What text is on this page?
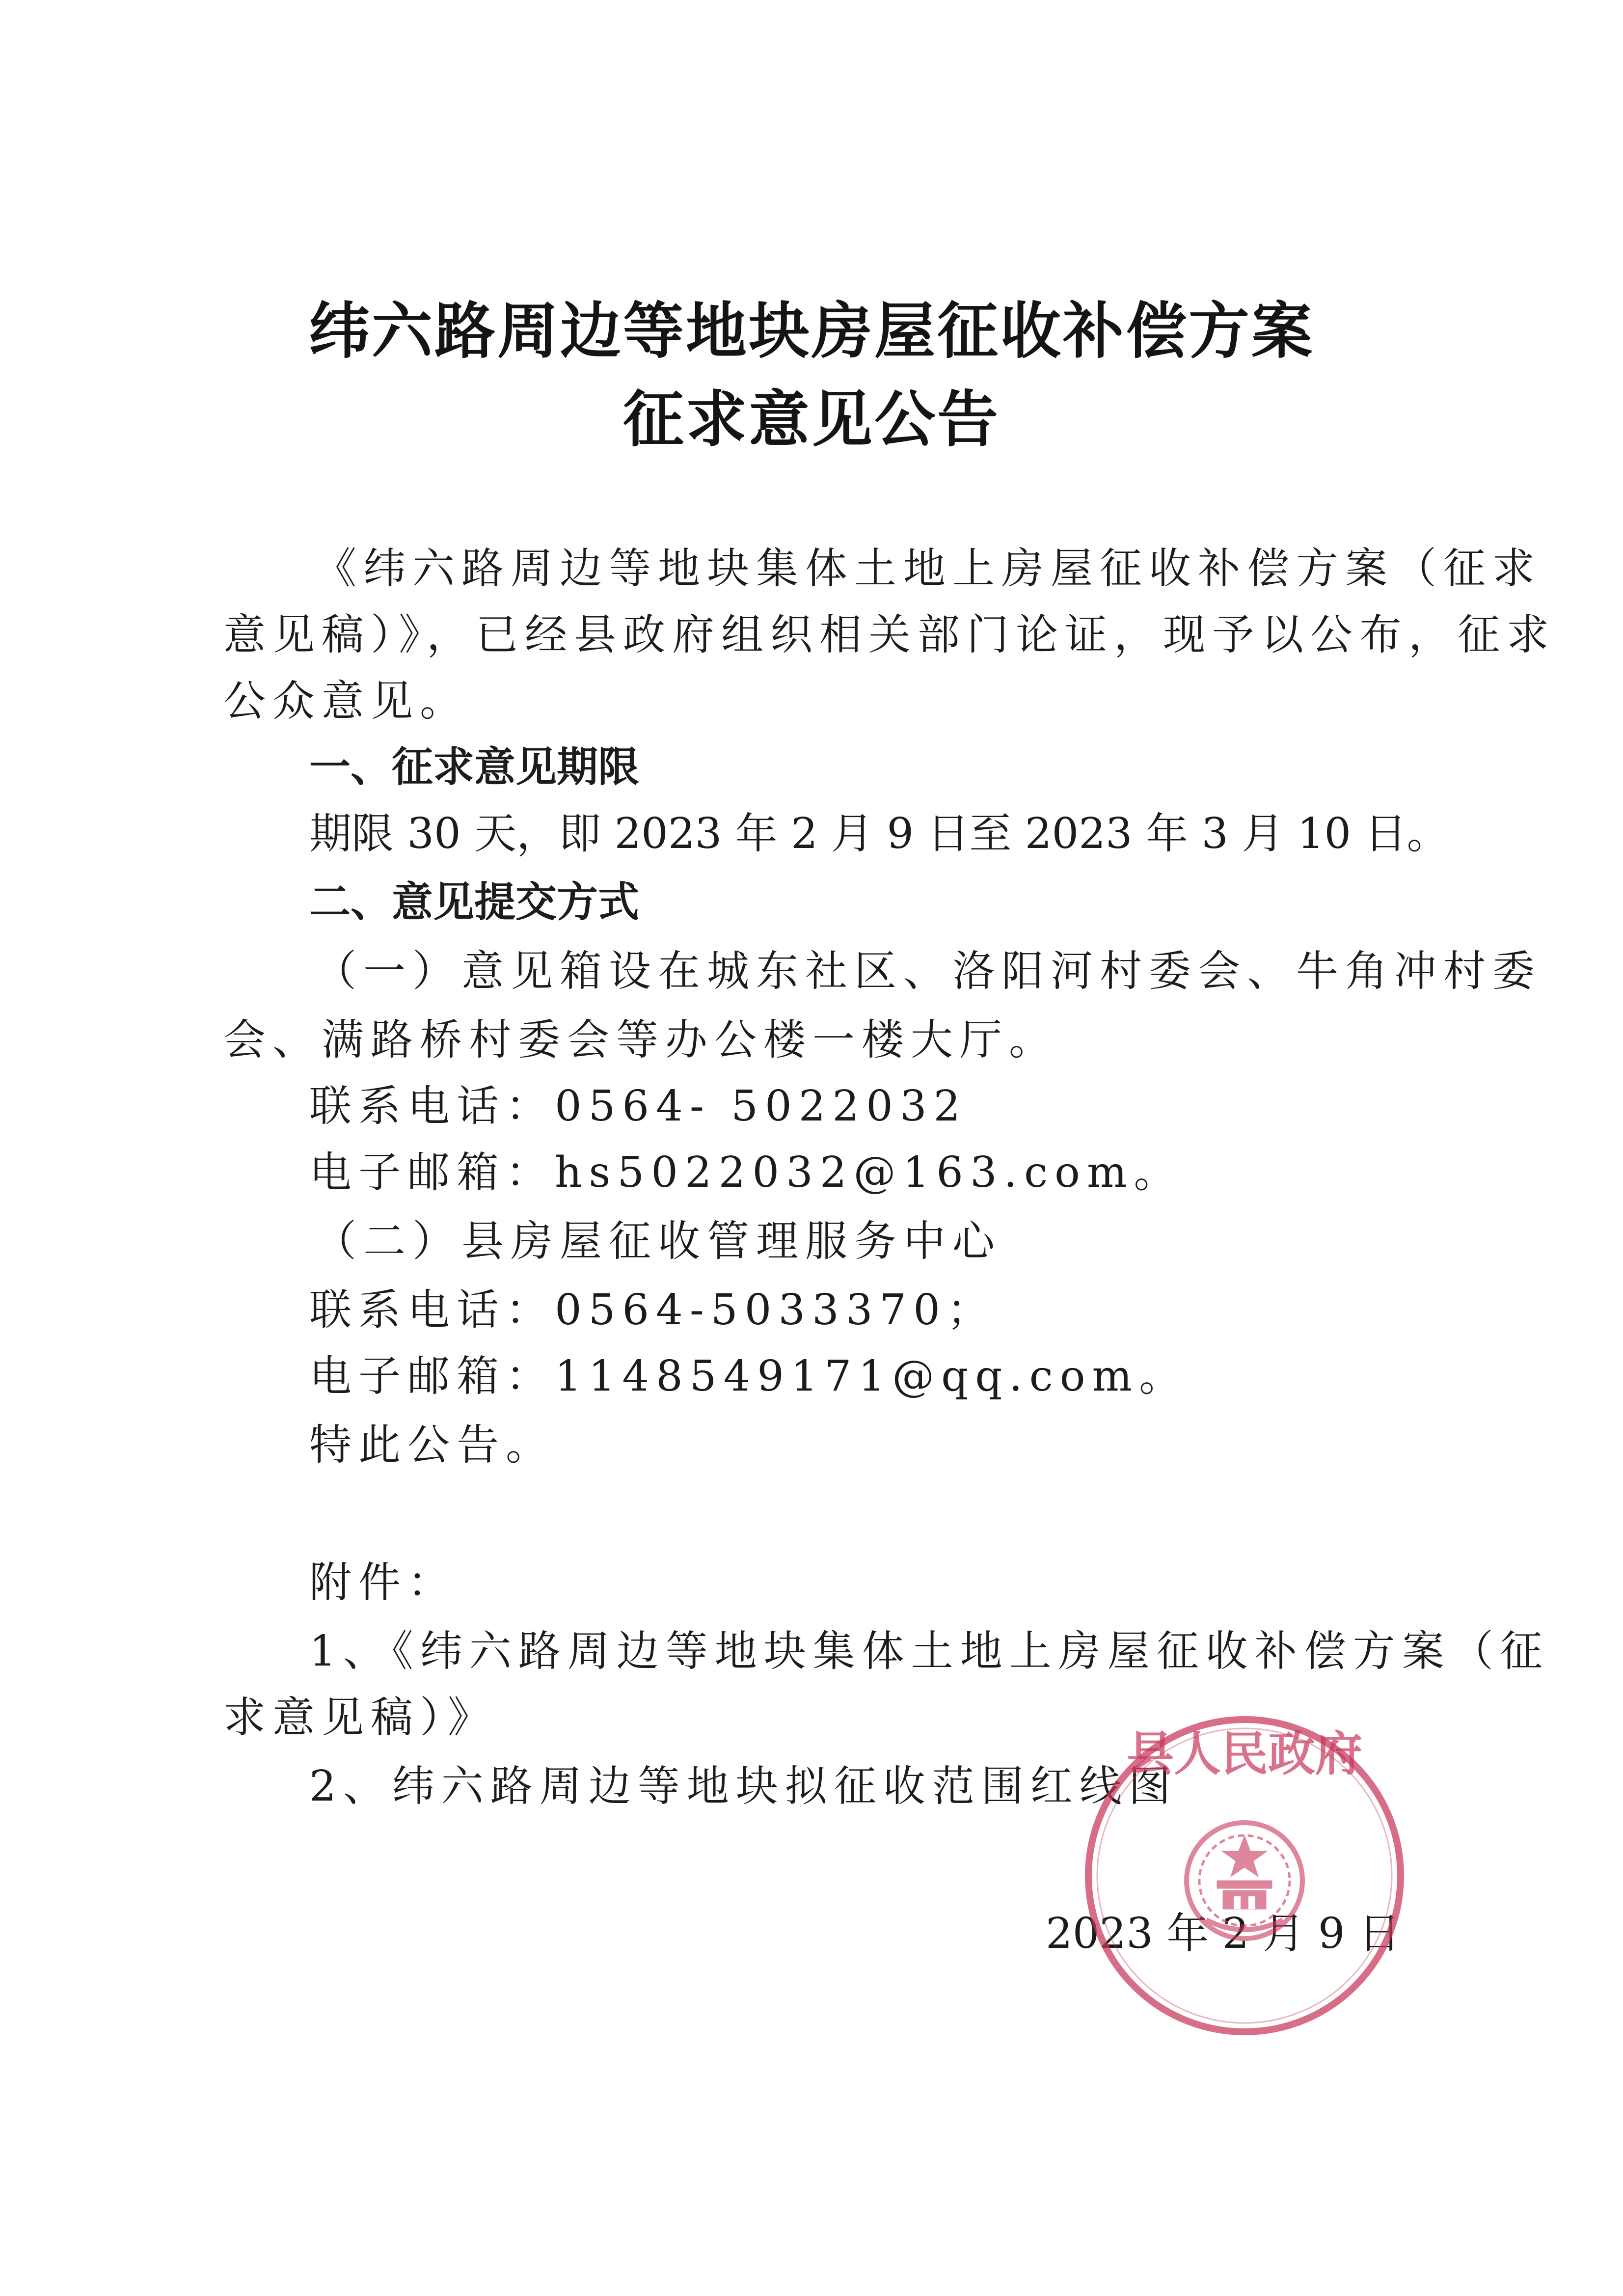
纬六路周边等地块房屋征收补偿方案
征求意见公告
《纬六路周边等地块集体土地上房屋征收补偿方案（征求
意见稿）》，已经县政府组织相关部门论证，现予以公布，征求
公众意见。
一、征求意见期限
期限 30 天，即 2023 年 2 月 9 日至 2023 年 3 月 10 日。
二、意见提交方式
（一）意见箱设在城东社区、洛阳河村委会、牛角冲村委
会、满路桥村委会等办公楼一楼大厅。
联系电话：0564- 5022032
电子邮箱：hs5022032@163.com。
（二）县房屋征收管理服务中心
联系电话：0564-5033370；
电子邮箱：1148549171@qq.com。
特此公告。
附件：
1、《纬六路周边等地块集体土地上房屋征收补偿方案（征
求意见稿）》
2、纬六路周边等地块拟征收范围红线图
2023 年 2 月 9 日
县人民政府
